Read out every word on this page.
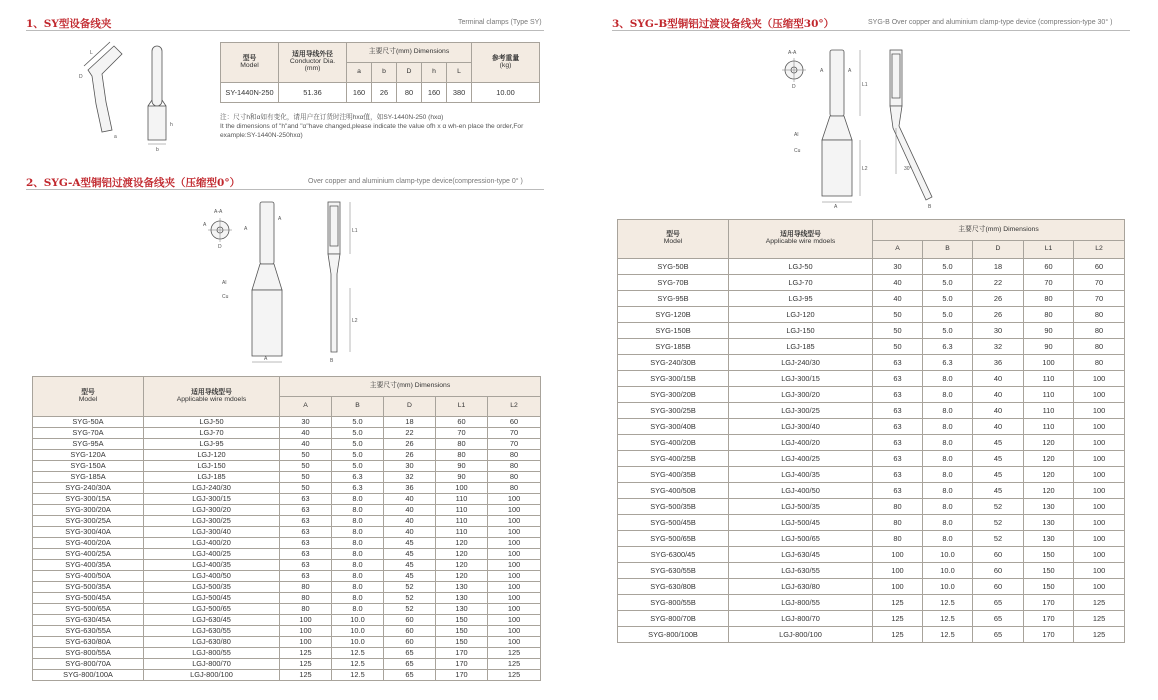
1、SY型设备线夹	Terminal clamps (Type SY)
L
D
a
b
h
型号
Model	适用导线外径
Conductor Dia.
(mm)	主要尺寸(mm) Dimensions					参考重量
(kg)

		a	b	D	h	L	
SY-1440N-250	51.36	160	26	80	160	380	10.00
注：尺寸h和α如有变化，请用户在订货时注明hxα值，如SY-1440N-250 (hxα)
It the dimensions of "h"and "α"have changed,please indicate the value ofh x α wh-en place the order,For
example:SY-1440N-250hxα)
2、SYG-A型铜铝过渡设备线夹（压缩型0°）	Over copper and aluminium clamp-type device(compression-type 0° )
A-A
D
A
A
A
Cu
Al
A
L1
L2
B
型号
Model	适用导线型号
Applicable wire mdoels	主要尺寸(mm) Dimensions				
		A	B	D	L1	L2
SYG-50A	LGJ-50	30	5.0	18	60	60
SYG-70A	LGJ-70	40	5.0	22	70	70
SYG-95A	LGJ-95	40	5.0	26	80	70
SYG-120A	LGJ-120	50	5.0	26	80	80
SYG-150A	LGJ-150	50	5.0	30	90	80
SYG-185A	LGJ-185	50	6.3	32	90	80
SYG-240/30A	LGJ-240/30	50	6.3	36	100	80
SYG-300/15A	LGJ-300/15	63	8.0	40	110	100
SYG-300/20A	LGJ-300/20	63	8.0	40	110	100
SYG-300/25A	LGJ-300/25	63	8.0	40	110	100
SYG-300/40A	LGJ-300/40	63	8.0	40	110	100
SYG-400/20A	LGJ-400/20	63	8.0	45	120	100
SYG-400/25A	LGJ-400/25	63	8.0	45	120	100
SYG-400/35A	LGJ-400/35	63	8.0	45	120	100
SYG-400/50A	LGJ-400/50	63	8.0	45	120	100
SYG-500/35A	LGJ-500/35	80	8.0	52	130	100
SYG-500/45A	LGJ-500/45	80	8.0	52	130	100
SYG-500/65A	LGJ-500/65	80	8.0	52	130	100
SYG-630/45A	LGJ-630/45	100	10.0	60	150	100
SYG-630/55A	LGJ-630/55	100	10.0	60	150	100
SYG-630/80A	LGJ-630/80	100	10.0	60	150	100
SYG-800/55A	LGJ-800/55	125	12.5	65	170	125
SYG-800/70A	LGJ-800/70	125	12.5	65	170	125
SYG-800/100A	LGJ-800/100	125	12.5	65	170	125
3、SYG-B型铜铝过渡设备线夹（压缩型30°）	SYG-B Over copper and aluminium clamp-type device (compression-type 30° )
A-A
D
A	A
L1
L2
Cu
Al
A
30°
B
型号
Model	适用导线型号
Applicable wire mdoels	主要尺寸(mm) Dimensions				
		A	B	D	L1	L2
SYG-50B	LGJ-50	30	5.0	18	60	60
SYG-70B	LGJ-70	40	5.0	22	70	70
SYG-95B	LGJ-95	40	5.0	26	80	70
SYG-120B	LGJ-120	50	5.0	26	80	80
SYG-150B	LGJ-150	50	5.0	30	90	80
SYG-185B	LGJ-185	50	6.3	32	90	80
SYG-240/30B	LGJ-240/30	63	6.3	36	100	80
SYG-300/15B	LGJ-300/15	63	8.0	40	110	100
SYG-300/20B	LGJ-300/20	63	8.0	40	110	100
SYG-300/25B	LGJ-300/25	63	8.0	40	110	100
SYG-300/40B	LGJ-300/40	63	8.0	40	110	100
SYG-400/20B	LGJ-400/20	63	8.0	45	120	100
SYG-400/25B	LGJ-400/25	63	8.0	45	120	100
SYG-400/35B	LGJ-400/35	63	8.0	45	120	100
SYG-400/50B	LGJ-400/50	63	8.0	45	120	100
SYG-500/35B	LGJ-500/35	80	8.0	52	130	100
SYG-500/45B	LGJ-500/45	80	8.0	52	130	100
SYG-500/65B	LGJ-500/65	80	8.0	52	130	100
SYG-6300/45	LGJ-630/45	100	10.0	60	150	100
SYG-630/55B	LGJ-630/55	100	10.0	60	150	100
SYG-630/80B	LGJ-630/80	100	10.0	60	150	100
SYG-800/55B	LGJ-800/55	125	12.5	65	170	125
SYG-800/70B	LGJ-800/70	125	12.5	65	170	125
SYG-800/100B	LGJ-800/100	125	12.5	65	170	125
